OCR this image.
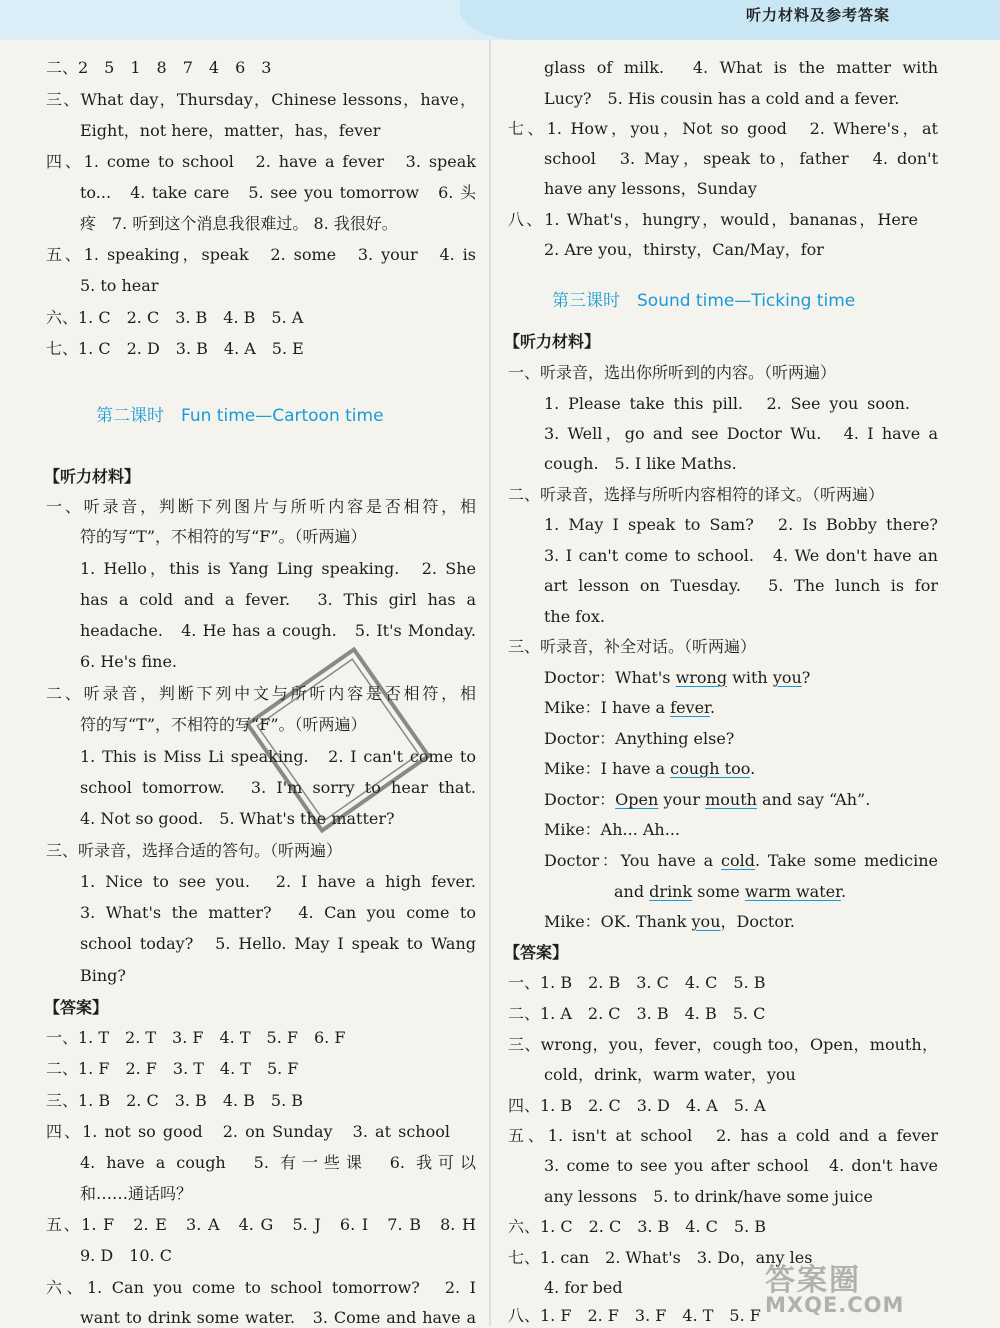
听力材料及参考答案
二、2　5　1　8　7　4　6　3
三、What day，Thursday，Chinese lessons，have，
Eight，not here，matter，has，fever
四、1. come to school　2. have a fever　3. speak
to...　4. take care　5. see you tomorrow　6. 头
疼　7. 听到这个消息我很难过。 8. 我很好。
五、1. speaking，speak　2. some　3. your　4. is
5. to hear
六、1. C　2. C　3. B　4. B　5. A
七、1. C　2. D　3. B　4. A　5. E
第二课时　Fun time—Cartoon time
【听力材料】
一、听录音，判断下列图片与所听内容是否相符，相
符的写“T”，不相符的写“F”。（听两遍）
1. Hello，this is Yang Ling speaking.　2. She
has a cold and a fever.　3. This girl has a
headache.　4. He has a cough.　5. It's Monday.
6. He's fine.
二、听录音，判断下列中文与所听内容是否相符，相
符的写“T”，不相符的写“F”。（听两遍）
1. This is Miss Li speaking.　2. I can't come to
school tomorrow.　3. I'm sorry to hear that.
4. Not so good.　5. What's the matter?
三、听录音，选择合适的答句。（听两遍）
1. Nice to see you.　2. I have a high fever.
3. What's the matter?　4. Can you come to
school today?　5. Hello. May I speak to Wang
Bing?
【答案】
一、1. T　2. T　3. F　4. T　5. F　6. F
二、1. F　2. F　3. T　4. T　5. F
三、1. B　2. C　3. B　4. B　5. B
四、1. not so good　2. on Sunday　3. at school
4. have a cough　5. 有一些课　6. 我可以
和……通话吗？
五、1. F　2. E　3. A　4. G　5. J　6. I　7. B　8. H
9. D　10. C
六、1. Can you come to school tomorrow?　2. I
want to drink some water.　3. Come and have a
glass of milk.　4. What is the matter with
Lucy?　5. His cousin has a cold and a fever.
七、1. How，you，Not so good　2. Where's，at
school　3. May，speak to，father　4. don't
have any lessons，Sunday
八、1. What's，hungry，would，bananas，Here
2. Are you，thirsty，Can/May，for
第三课时　Sound time—Ticking time
【听力材料】
一、听录音，选出你所听到的内容。（听两遍）
1. Please take this pill.　2. See you soon.
3. Well，go and see Doctor Wu.　4. I have a
cough.　5. I like Maths.
二、听录音，选择与所听内容相符的译文。（听两遍）
1. May I speak to Sam?　2. Is Bobby there?
3. I can't come to school.　4. We don't have an
art lesson on Tuesday.　5. The lunch is for
the fox.
三、听录音，补全对话。（听两遍）
Doctor：What's wrong with you?
Mike：I have a fever.
Doctor：Anything else?
Mike：I have a cough too.
Doctor：Open your mouth and say “Ah”.
Mike：Ah... Ah...
Doctor：You have a cold. Take some medicine
and drink some warm water.
Mike：OK. Thank you，Doctor.
【答案】
一、1. B　2. B　3. C　4. C　5. B
二、1. A　2. C　3. B　4. B　5. C
三、wrong，you，fever，cough too，Open，mouth，
cold，drink，warm water，you
四、1. B　2. C　3. D　4. A　5. A
五、1. isn't at school　2. has a cold and a fever
3. come to see you after school　4. don't have
any lessons　5. to drink/have some juice
六、1. C　2. C　3. B　4. C　5. B
七、1. can　2. What's　3. Do，any les
4. for bed
八、1. F　2. F　3. F　4. T　5. F
答案圈
MXQE.COM
